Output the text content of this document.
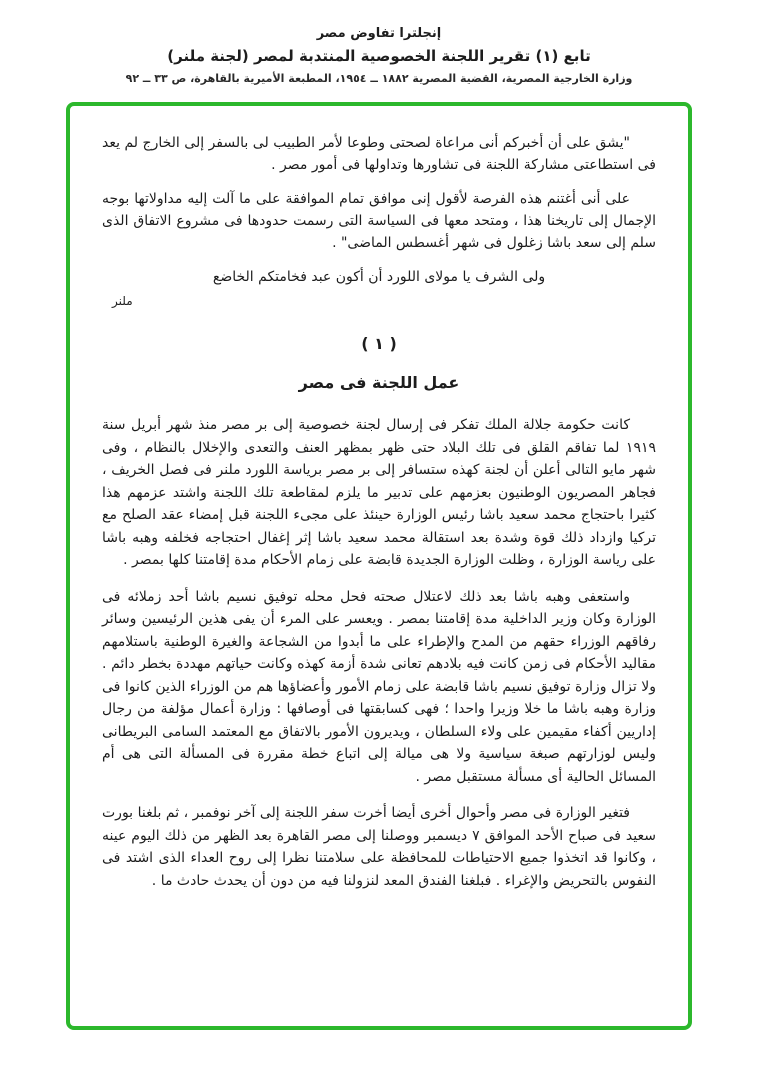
إنجلترا تفاوض مصر
تابع (١) تقرير اللجنة الخصوصية المنتدبة لمصر (لجنة ملنر)
وزارة الخارجية المصرية، القضية المصرية ١٨٨٢ ــ ١٩٥٤، المطبعة الأميرية بالقاهرة، ص ٣٣ ــ ٩٢

"يشق على أن أخبركم أنى مراعاة لصحتى وطوعا لأمر الطبيب لى بالسفر إلى الخارج لم يعد فى استطاعتى مشاركة اللجنة فى تشاورها وتداولها فى أمور مصر .

على أنى أغتنم هذه الفرصة لأقول إنى موافق تمام الموافقة على ما آلت إليه مداولاتها بوجه الإجمال إلى تاريخنا هذا ، ومتحد معها فى السياسة التى رسمت حدودها فى مشروع الاتفاق الذى سلم إلى سعد باشا زغلول فى شهر أغسطس الماضى" .

ولى الشرف يا مولاى اللورد أن أكون عبد فخامتكم الخاضع

ملنر
( ١ )
عمل اللجنة فى مصر

كانت حكومة جلالة الملك تفكر فى إرسال لجنة خصوصية إلى بر مصر منذ شهر أبريل سنة ١٩١٩ لما تفاقم القلق فى تلك البلاد حتى ظهر بمظهر العنف والتعدى والإخلال بالنظام ، وفى شهر مايو التالى أعلن أن لجنة كهذه ستسافر إلى بر مصر برياسة اللورد ملنر فى فصل الخريف ، فجاهر المصريون الوطنيون بعزمهم على تدبير ما يلزم لمقاطعة تلك اللجنة واشتد عزمهم هذا كثيرا باحتجاج محمد سعيد باشا رئيس الوزارة حينئذ على مجىء اللجنة قبل إمضاء عقد الصلح مع تركيا وازداد ذلك قوة وشدة بعد استقالة محمد سعيد باشا إثر إغفال احتجاجه فخلفه وهبه باشا على رياسة الوزارة ، وظلت الوزارة الجديدة قابضة على زمام الأحكام مدة إقامتنا كلها بمصر .

واستعفى وهبه باشا بعد ذلك لاعتلال صحته فحل محله توفيق نسيم باشا أحد زملائه فى الوزارة وكان وزير الداخلية مدة إقامتنا بمصر . ويعسر على المرء أن يفى هذين الرئيسين وسائر رفاقهم الوزراء حقهم من المدح والإطراء على ما أبدوا من الشجاعة والغيرة الوطنية باستلامهم مقاليد الأحكام فى زمن كانت فيه بلادهم تعانى شدة أزمة كهذه وكانت حياتهم مهددة بخطر دائم . ولا تزال وزارة توفيق نسيم باشا قابضة على زمام الأمور وأعضاؤها هم من الوزراء الذين كانوا فى وزارة وهبه باشا ما خلا وزيرا واحدا ؛ فهى كسابقتها فى أوصافها : وزارة أعمال مؤلفة من رجال إداريين أكفاء مقيمين على ولاء السلطان ، ويديرون الأمور بالاتفاق مع المعتمد السامى البريطانى وليس لوزارتهم صبغة سياسية ولا هى ميالة إلى اتباع خطة مقررة فى المسألة التى هى أم المسائل الحالية أى مسألة مستقبل مصر .

فتغير الوزارة فى مصر وأحوال أخرى أيضا أخرت سفر اللجنة إلى آخر نوفمبر ، ثم بلغنا بورت سعيد فى صباح الأحد الموافق ٧ ديسمبر ووصلنا إلى مصر القاهرة بعد الظهر من ذلك اليوم عينه ، وكانوا قد اتخذوا جميع الاحتياطات للمحافظة على سلامتنا نظرا إلى روح العداء الذى اشتد فى النفوس بالتحريض والإغراء . فبلغنا الفندق المعد لنزولنا فيه من دون أن يحدث حادث ما .
